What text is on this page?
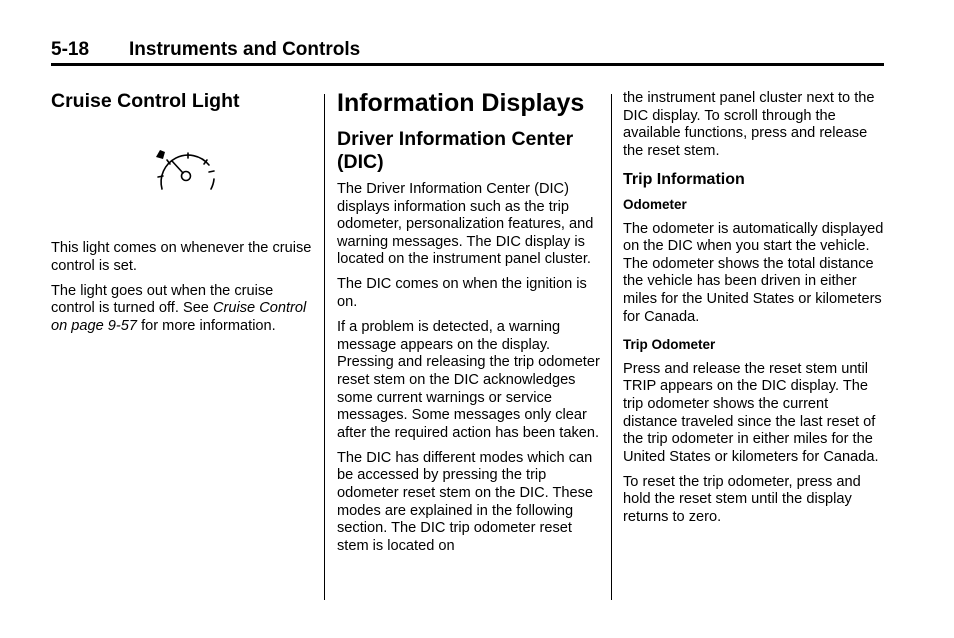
5-18 Instruments and Controls
Cruise Control Light

This light comes on whenever the cruise control is set.

The light goes out when the cruise control is turned off. See Cruise Control on page 9-57 for more information.

Information Displays
Driver Information Center (DIC)

The Driver Information Center (DIC) displays information such as the trip odometer, personalization features, and warning messages. The DIC display is located on the instrument panel cluster.

The DIC comes on when the ignition is on.

If a problem is detected, a warning message appears on the display. Pressing and releasing the trip odometer reset stem on the DIC acknowledges some current warnings or service messages. Some messages only clear after the required action has been taken.

The DIC has different modes which can be accessed by pressing the trip odometer reset stem on the DIC. These modes are explained in the following section. The DIC trip odometer reset stem is located on

the instrument panel cluster next to the DIC display. To scroll through the available functions, press and release the reset stem.

Trip Information
Odometer

The odometer is automatically displayed on the DIC when you start the vehicle. The odometer shows the total distance the vehicle has been driven in either miles for the United States or kilometers for Canada.

Trip Odometer

Press and release the reset stem until TRIP appears on the DIC display. The trip odometer shows the current distance traveled since the last reset of the trip odometer in either miles for the United States or kilometers for Canada.

To reset the trip odometer, press and hold the reset stem until the display returns to zero.
